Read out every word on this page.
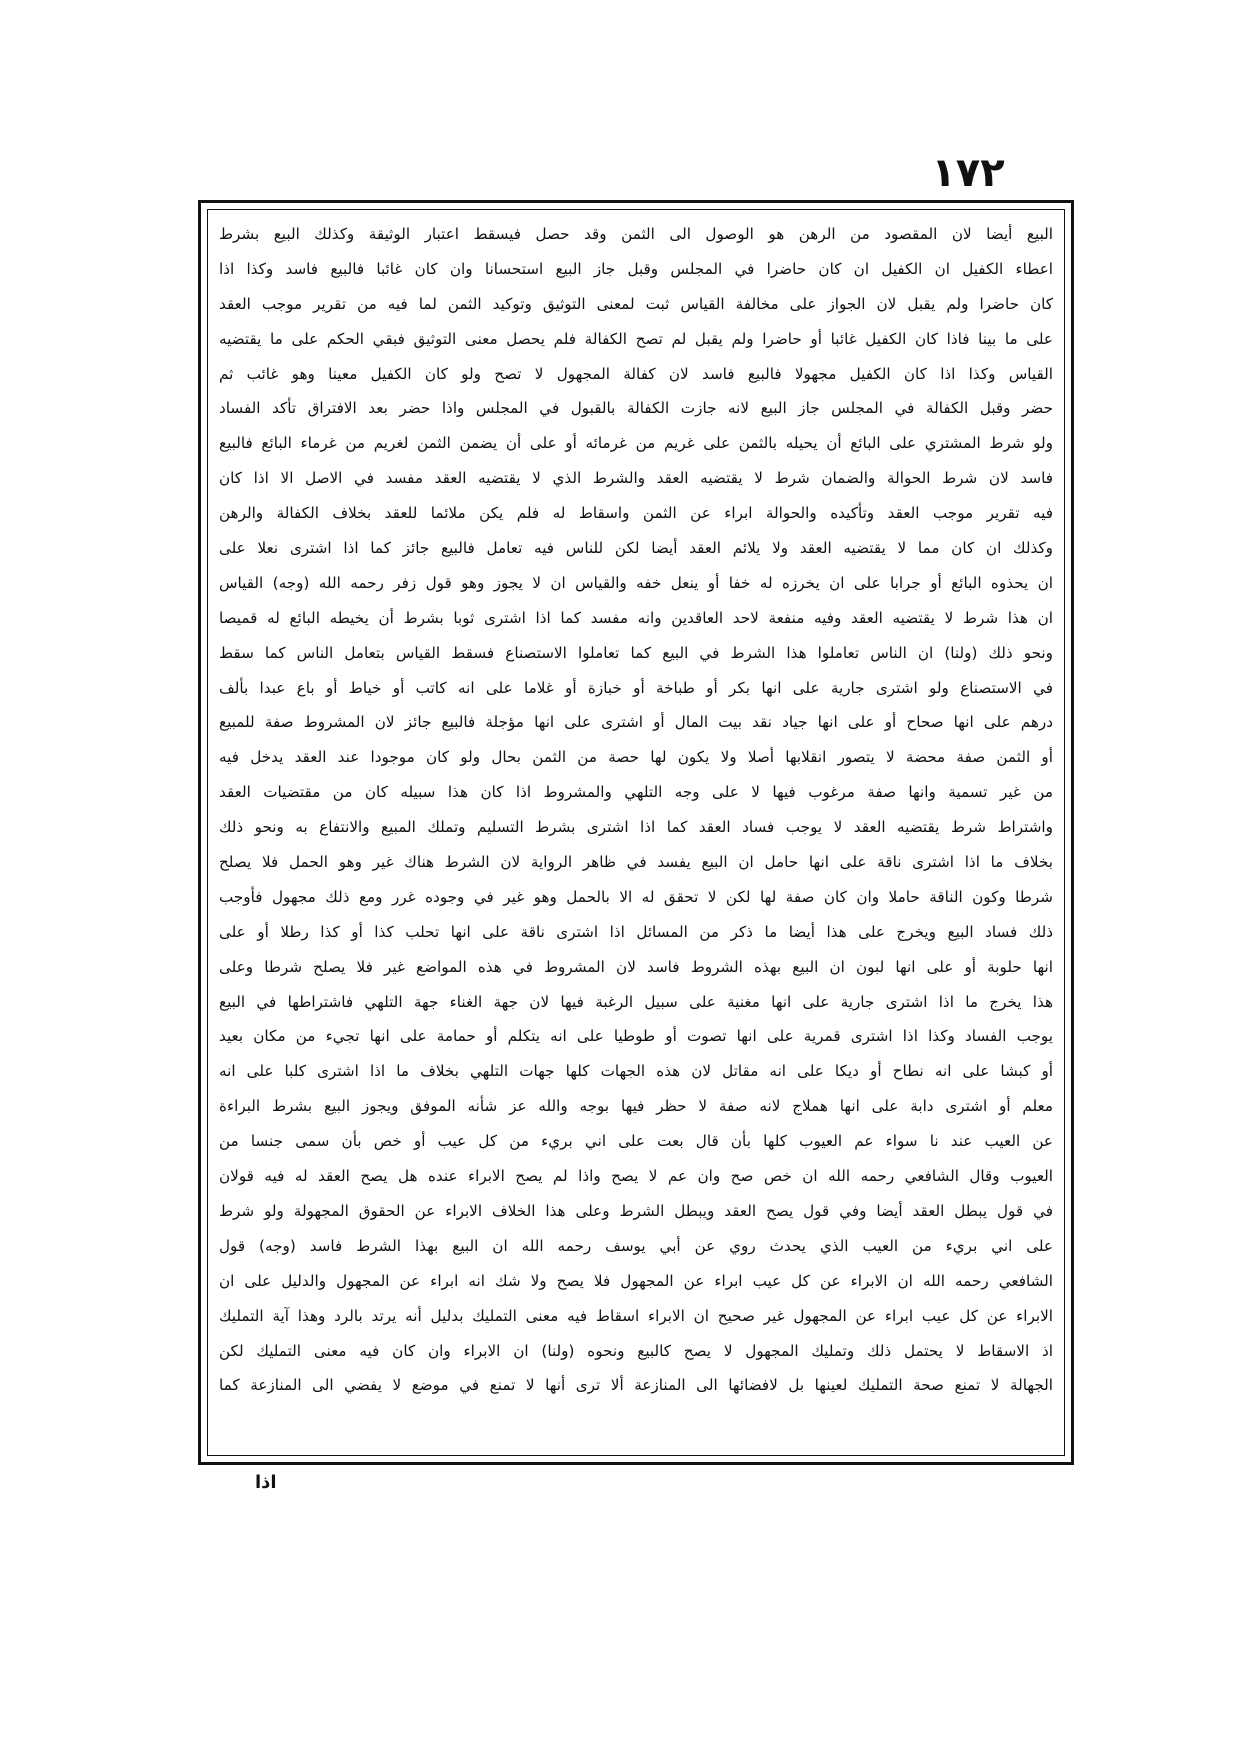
١٧٢
البيع أيضا لان المقصود من الرهن هو الوصول الى الثمن وقد حصل فيسقط اعتبار الوثيقة وكذلك البيع بشرط
اعطاء الكفيل ان الكفيل ان كان حاضرا في المجلس وقبل جاز البيع استحسانا وان كان غائبا فالبيع فاسد وكذا اذا
كان حاضرا ولم يقبل لان الجواز على مخالفة القياس ثبت لمعنى التوثيق وتوكيد الثمن لما فيه من تقرير موجب العقد
على ما بينا فاذا كان الكفيل غائبا أو حاضرا ولم يقبل لم تصح الكفالة فلم يحصل معنى التوثيق فبقي الحكم على ما يقتضيه
القياس وكذا اذا كان الكفيل مجهولا فالبيع فاسد لان كفالة المجهول لا تصح ولو كان الكفيل معينا وهو غائب ثم
حضر وقبل الكفالة في المجلس جاز البيع لانه جازت الكفالة بالقبول في المجلس واذا حضر بعد الافتراق تأكد الفساد
ولو شرط المشتري على البائع أن يحيله بالثمن على غريم من غرمائه أو على أن يضمن الثمن لغريم من غرماء البائع فالبيع
فاسد لان شرط الحوالة والضمان شرط لا يقتضيه العقد والشرط الذي لا يقتضيه العقد مفسد في الاصل الا اذا كان
فيه تقرير موجب العقد وتأكيده والحوالة ابراء عن الثمن واسقاط له فلم يكن ملائما للعقد بخلاف الكفالة والرهن
وكذلك ان كان مما لا يقتضيه العقد ولا يلائم العقد أيضا لكن للناس فيه تعامل فالبيع جائز كما اذا اشترى نعلا على
ان يحذوه البائع أو جرابا على ان يخرزه له خفا أو ينعل خفه والقياس ان لا يجوز وهو قول زفر رحمه الله (وجه) القياس
ان هذا شرط لا يقتضيه العقد وفيه منفعة لاحد العاقدين وانه مفسد كما اذا اشترى ثوبا بشرط أن يخيطه البائع له قميصا
ونحو ذلك (ولنا) ان الناس تعاملوا هذا الشرط في البيع كما تعاملوا الاستصناع فسقط القياس بتعامل الناس كما سقط
في الاستصناع ولو اشترى جارية على انها بكر أو طباخة أو خبازة أو غلاما على انه كاتب أو خياط أو باع عبدا بألف
درهم على انها صحاح أو على انها جياد نقد بيت المال أو اشترى على انها مؤجلة فالبيع جائز لان المشروط صفة للمبيع
أو الثمن صفة محضة لا يتصور انقلابها أصلا ولا يكون لها حصة من الثمن بحال ولو كان موجودا عند العقد يدخل فيه
من غير تسمية وانها صفة مرغوب فيها لا على وجه التلهي والمشروط اذا كان هذا سبيله كان من مقتضيات العقد
واشتراط شرط يقتضيه العقد لا يوجب فساد العقد كما اذا اشترى بشرط التسليم وتملك المبيع والانتفاع به ونحو ذلك
بخلاف ما اذا اشترى ناقة على انها حامل ان البيع يفسد في ظاهر الرواية لان الشرط هناك غير وهو الحمل فلا يصلح
شرطا وكون الناقة حاملا وان كان صفة لها لكن لا تحقق له الا بالحمل وهو غير في وجوده غرر ومع ذلك مجهول فأوجب
ذلك فساد البيع ويخرج على هذا أيضا ما ذكر من المسائل اذا اشترى ناقة على انها تحلب كذا أو كذا رطلا أو على
انها حلوبة أو على انها لبون ان البيع بهذه الشروط فاسد لان المشروط في هذه المواضع غير فلا يصلح شرطا وعلى
هذا يخرج ما اذا اشترى جارية على انها مغنية على سبيل الرغبة فيها لان جهة الغناء جهة التلهي فاشتراطها في البيع
يوجب الفساد وكذا اذا اشترى قمرية على انها تصوت أو طوطيا على انه يتكلم أو حمامة على انها تجيء من مكان بعيد
أو كبشا على انه نطاح أو ديكا على انه مقاتل لان هذه الجهات كلها جهات التلهي بخلاف ما اذا اشترى كلبا على انه
معلم أو اشترى دابة على انها هملاج لانه صفة لا حظر فيها بوجه والله عز شأنه الموفق ويجوز البيع بشرط البراءة
عن العيب عند نا سواء عم العيوب كلها بأن قال بعت على اني بريء من كل عيب أو خص بأن سمى جنسا من
العيوب وقال الشافعي رحمه الله ان خص صح وان عم لا يصح واذا لم يصح الابراء عنده هل يصح العقد له فيه قولان
في قول يبطل العقد أيضا وفي قول يصح العقد ويبطل الشرط وعلى هذا الخلاف الابراء عن الحقوق المجهولة ولو شرط
على اني بريء من العيب الذي يحدث روي عن أبي يوسف رحمه الله ان البيع بهذا الشرط فاسد (وجه) قول
الشافعي رحمه الله ان الابراء عن كل عيب ابراء عن المجهول فلا يصح ولا شك انه ابراء عن المجهول والدليل على ان
الابراء عن كل عيب ابراء عن المجهول غير صحيح ان الابراء اسقاط فيه معنى التمليك بدليل أنه يرتد بالرد وهذا آية التمليك
اذ الاسقاط لا يحتمل ذلك وتمليك المجهول لا يصح كالبيع ونحوه (ولنا) ان الابراء وان كان فيه معنى التمليك لكن
الجهالة لا تمنع صحة التمليك لعينها بل لافضائها الى المنازعة ألا ترى أنها لا تمنع في موضع لا يفضي الى المنازعة كما
اذا
